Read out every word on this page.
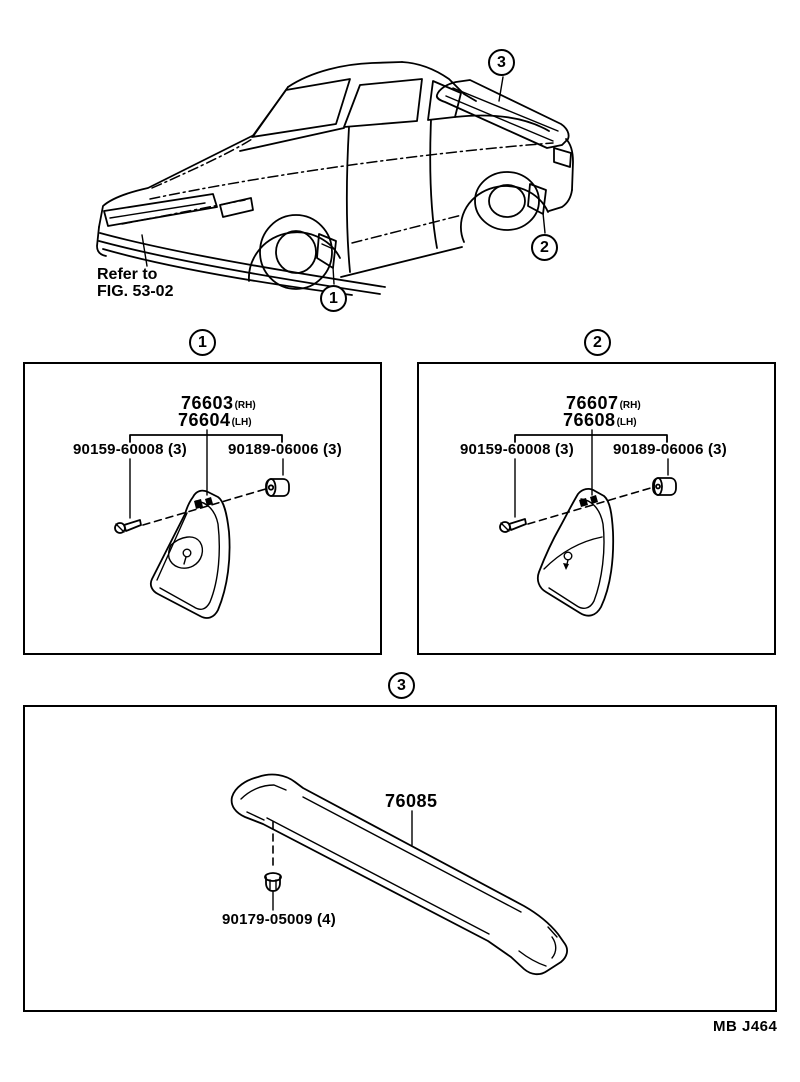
1
2
3
1	2
3
Refer to
FIG. 53-02
76603 (RH)
76604 (LH)
90159-60008 (3)	90189-06006 (3)
76607 (RH)
76608 (LH)
90159-60008 (3)	90189-06006 (3)
76085
90179-05009 (4)
MB J464
